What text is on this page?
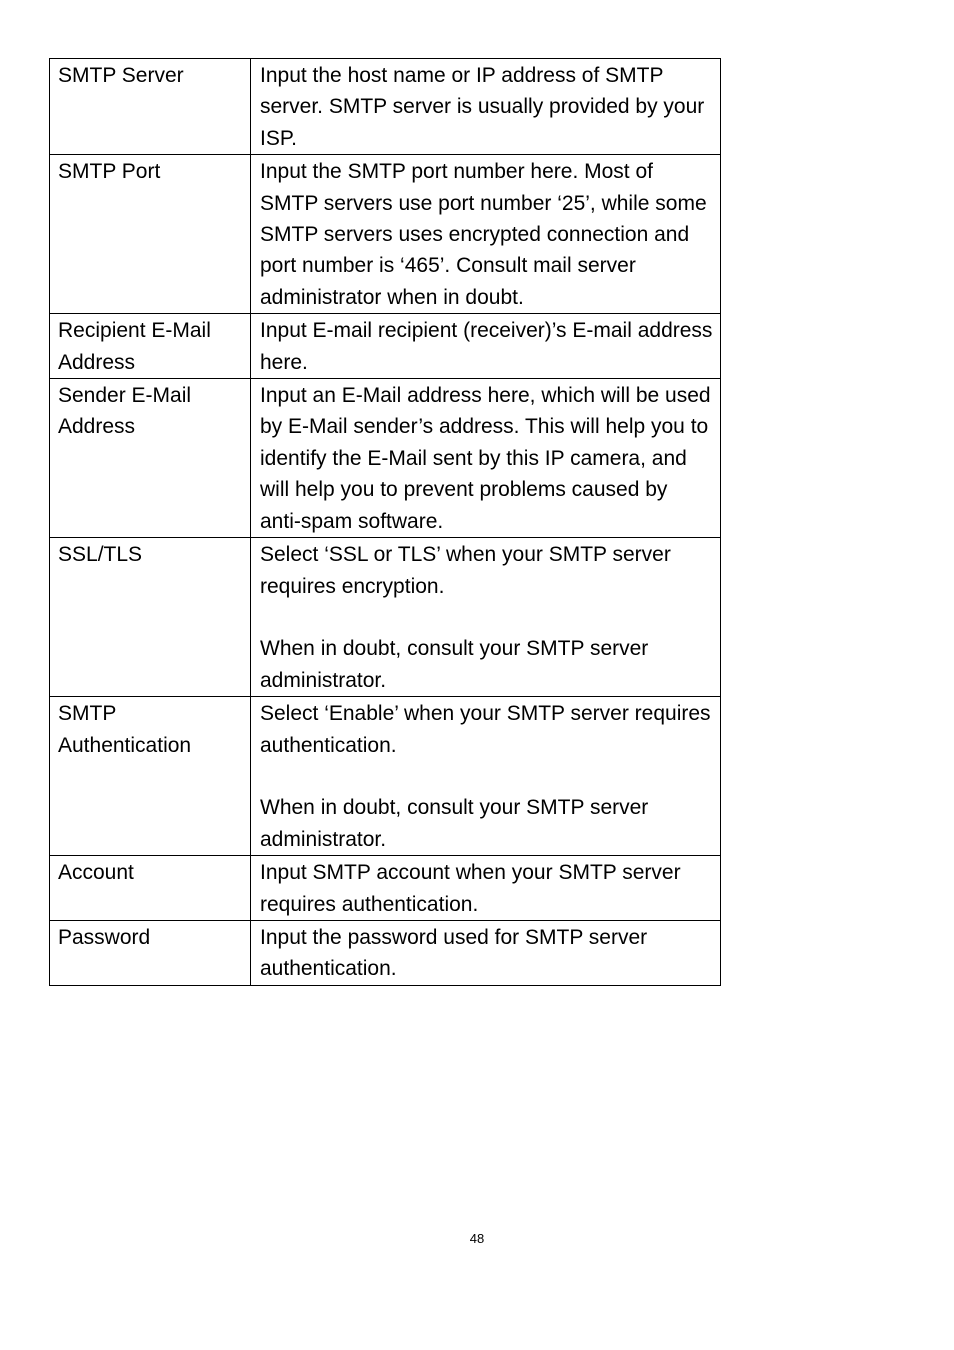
SMTP Server	Input the host name or IP address of SMTP server. SMTP server is usually provided by your ISP.
SMTP Port	Input the SMTP port number here. Most of SMTP servers use port number ‘25’, while some SMTP servers uses encrypted connection and port number is ‘465’. Consult mail server administrator when in doubt.
Recipient E-Mail Address	Input E-mail recipient (receiver)’s E-mail address here.
Sender E-Mail Address	Input an E-Mail address here, which will be used by E-Mail sender’s address. This will help you to identify the E-Mail sent by this IP camera, and will help you to prevent problems caused by anti-spam software.
SSL/TLS	Select ‘SSL or TLS’ when your SMTP server requires encryption.

When in doubt, consult your SMTP server administrator.
SMTP Authentication	Select ‘Enable’ when your SMTP server requires authentication.

When in doubt, consult your SMTP server administrator.
Account	Input SMTP account when your SMTP server requires authentication.
Password	Input the password used for SMTP server authentication.
48
